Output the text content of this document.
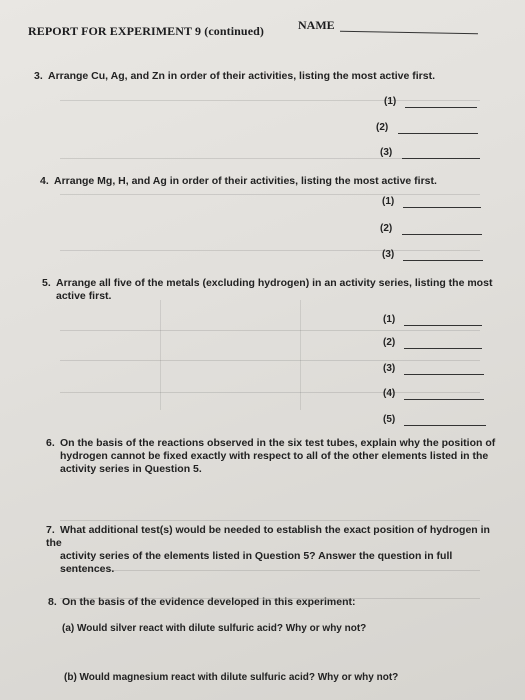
REPORT FOR EXPERIMENT 9 (continued)	NAME
3. Arrange Cu, Ag, and Zn in order of their activities, listing the most active first.
(1)
(2)
(3)
4. Arrange Mg, H, and Ag in order of their activities, listing the most active first.
(1)
(2)
(3)
5. Arrange all five of the metals (excluding hydrogen) in an activity series, listing the most
active first.
(1)
(2)
(3)
(4)
(5)
6. On the basis of the reactions observed in the six test tubes, explain why the position of
hydrogen cannot be fixed exactly with respect to all of the other elements listed in the
activity series in Question 5.
7. What additional test(s) would be needed to establish the exact position of hydrogen in the
activity series of the elements listed in Question 5? Answer the question in full sentences.
8. On the basis of the evidence developed in this experiment:
(a) Would silver react with dilute sulfuric acid? Why or why not?
(b) Would magnesium react with dilute sulfuric acid? Why or why not?
